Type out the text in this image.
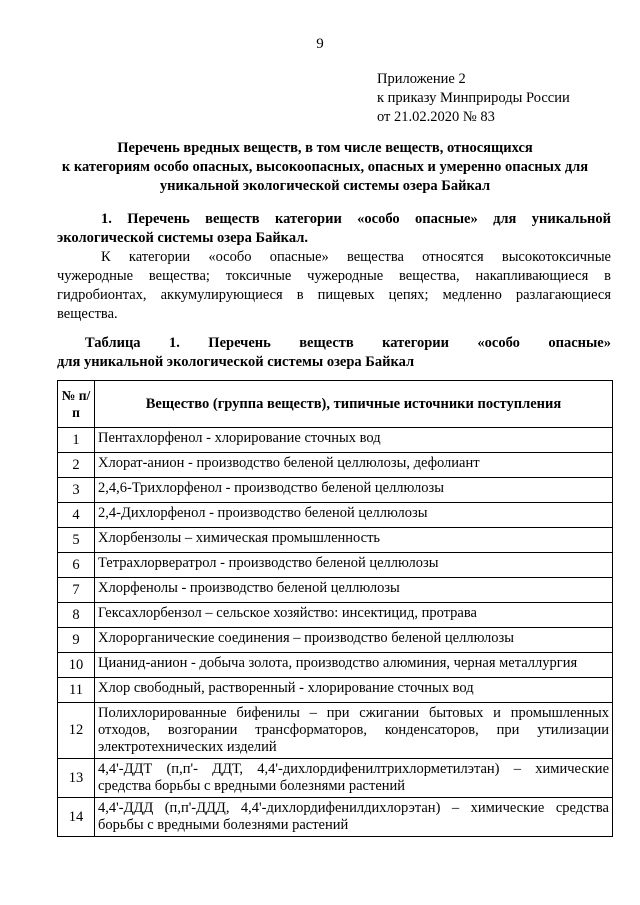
9
Приложение 2
к приказу Минприроды России
от 21.02.2020 № 83
Перечень вредных веществ, в том числе веществ, относящихся
к категориям особо опасных, высокоопасных, опасных и умеренно опасных для
уникальной экологической системы озера Байкал
1. Перечень веществ категории «особо опасные» для уникальной
экологической системы озера Байкал.
К категории «особо опасные» вещества относятся высокотоксичные
чужеродные вещества; токсичные чужеродные вещества, накапливающиеся в гидробионтах, аккумулирующиеся в пищевых цепях; медленно разлагающиеся вещества.
Таблица 1. Перечень веществ категории «особо опасные»
для уникальной экологической системы озера Байкал
№ п/п	Вещество (группа веществ), типичные источники поступления
1	Пентахлорфенол - хлорирование сточных вод
2	Хлорат-анион - производство беленой целлюлозы, дефолиант
3	2,4,6-Трихлорфенол - производство беленой целлюлозы
4	2,4-Дихлорфенол - производство беленой целлюлозы
5	Хлорбензолы – химическая промышленность
6	Тетрахлорвератрол - производство беленой целлюлозы
7	Хлорфенолы - производство беленой целлюлозы
8	Гексахлорбензол – сельское хозяйство: инсектицид, протрава
9	Хлорорганические соединения – производство беленой целлюлозы
10	Цианид-анион - добыча золота, производство алюминия, черная металлургия
11	Хлор свободный, растворенный - хлорирование сточных вод
12	Полихлорированные бифенилы – при сжигании бытовых и промышленных отходов, возгорании трансформаторов, конденсаторов, при утилизации электротехнических изделий
13	4,4'-ДДТ (п,п'- ДДТ, 4,4'-дихлордифенилтрихлорметилэтан) – химические средства борьбы с вредными болезнями растений
14	4,4'-ДДД (п,п'-ДДД, 4,4'-дихлордифенилдихлорэтан) – химические средства борьбы с вредными болезнями растений
